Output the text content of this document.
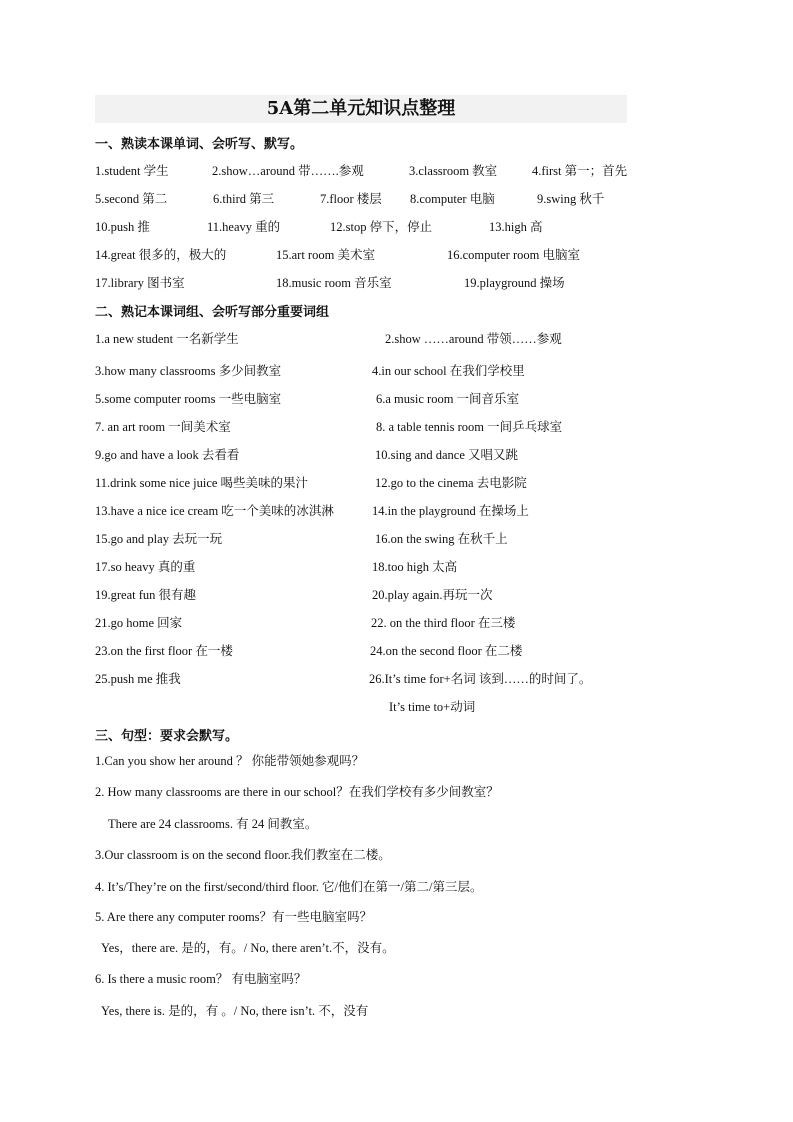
5A第二单元知识点整理
一、熟读本课单词、会听写、默写。
1.student 学生	2.show…around 带…….参观	3.classroom 教室	4.first 第一；首先
5.second 第二	6.third 第三	7.floor 楼层 8.computer 电脑	9.swing 秋千
10.push 推	11.heavy 重的	12.stop 停下，停止	13.high 高
14.great 很多的，极大的	15.art room 美术室	16.computer room 电脑室
17.library 图书室	18.music room 音乐室	19.playground 操场
二、熟记本课词组、会听写部分重要词组
1.a new student 一名新学生	2.show ……around 带领……参观
3.how many classrooms 多少间教室	4.in our school 在我们学校里
5.some computer rooms 一些电脑室	6.a music room 一间音乐室
7. an art room 一间美术室	8. a table tennis room 一间乒乓球室
9.go and have a look 去看看	10.sing and dance 又唱又跳
11.drink some nice juice 喝些美味的果汁	12.go to the cinema 去电影院
13.have a nice ice cream 吃一个美味的冰淇淋	14.in the playground 在操场上
15.go and play 去玩一玩	16.on the swing 在秋千上
17.so heavy 真的重	18.too high 太高
19.great fun 很有趣	20.play again.再玩一次
21.go home 回家	22. on the third floor 在三楼
23.on the first floor 在一楼	24.on the second floor 在二楼
25.push me 推我	26.It’s time for+名词 该到……的时间了。
It’s time to+动词
三、句型：要求会默写。
1.Can you show her around ？ 你能带领她参观吗？
2. How many classrooms are there in our school？在我们学校有多少间教室？
There are 24 classrooms. 有 24 间教室。
3.Our classroom is on the second floor.我们教室在二楼。
4. It’s/They’re on the first/second/third floor. 它/他们在第一/第二/第三层。
5. Are there any computer rooms？有一些电脑室吗？
Yes，there are. 是的，有。/ No, there aren’t.不，没有。
6. Is there a music room？ 有电脑室吗？
Yes, there is. 是的，有 。/ No, there isn’t. 不，没有
